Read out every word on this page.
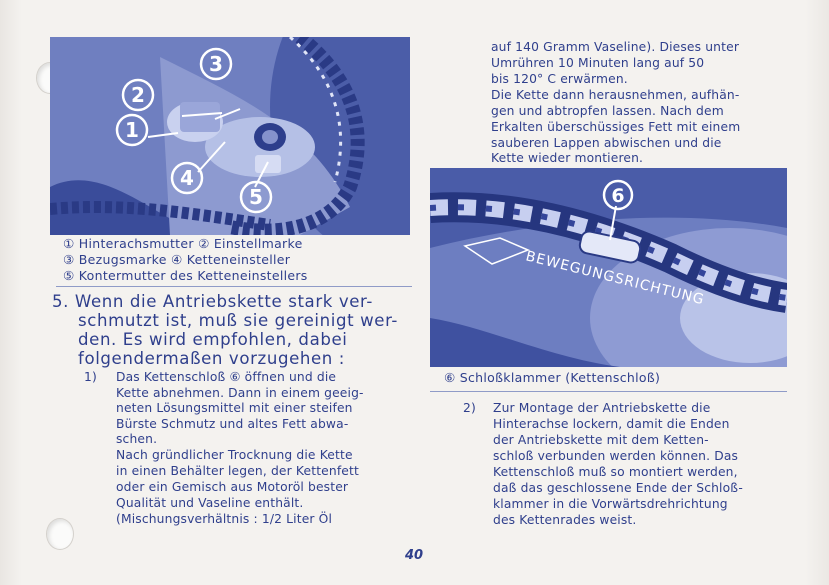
2
3
1
4
5
① Hinterachsmutter ② Einstellmarke
③ Bezugsmarke ④ Ketteneinsteller
⑤ Kontermutter des Ketteneinstellers
5. Wenn die Antriebskette stark ver-
schmutzt ist, muß sie gereinigt wer-
den. Es wird empfohlen, dabei
folgendermaßen vorzugehen :
1) Das Kettenschloß ⑥ öffnen und die
Kette abnehmen. Dann in einem geeig-
neten Lösungsmittel mit einer steifen
Bürste Schmutz und altes Fett abwa-
schen.
Nach gründlicher Trocknung die Kette
in einen Behälter legen, der Kettenfett
oder ein Gemisch aus Motoröl bester
Qualität und Vaseline enthält.
(Mischungsverhältnis : 1/2 Liter Öl
auf 140 Gramm Vaseline). Dieses unter
Umrühren 10 Minuten lang auf 50
bis 120° C erwärmen.
Die Kette dann herausnehmen, aufhän-
gen und abtropfen lassen. Nach dem
Erkalten überschüssiges Fett mit einem
sauberen Lappen abwischen und die
Kette wieder montieren.
6
BEWEGUNGSRICHTUNG
⑥ Schloßklammer (Kettenschloß)
2) Zur Montage der Antriebskette die
Hinterachse lockern, damit die Enden
der Antriebskette mit dem Ketten-
schloß verbunden werden können. Das
Kettenschloß muß so montiert werden,
daß das geschlossene Ende der Schloß-
klammer in die Vorwärtsdrehrichtung
des Kettenrades weist.
40
